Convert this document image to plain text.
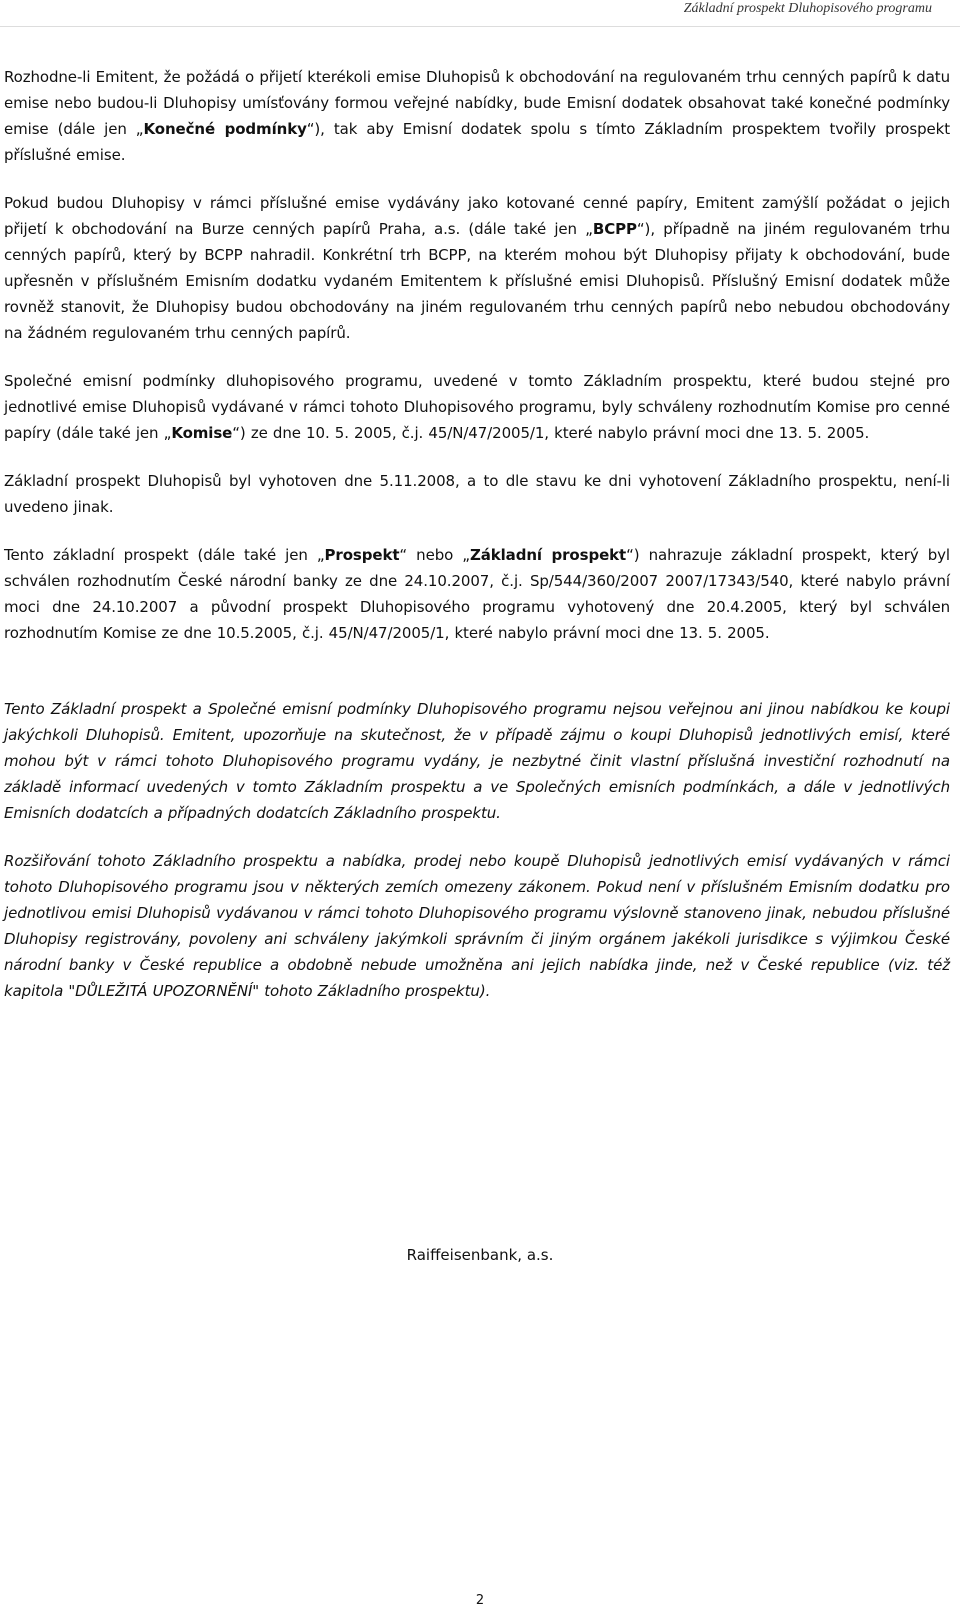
Základní prospekt Dluhopisového programu

Rozhodne-li Emitent, že požádá o přijetí kterékoli emise Dluhopisů k obchodování na regulovaném trhu cenných papírů k datu emise nebo budou-li Dluhopisy umísťovány formou veřejné nabídky, bude Emisní dodatek obsahovat také konečné podmínky emise (dále jen „Konečné podmínky“), tak aby Emisní dodatek spolu s tímto Základním prospektem tvořily prospekt příslušné emise.

Pokud budou Dluhopisy v rámci příslušné emise vydávány jako kotované cenné papíry, Emitent zamýšlí požádat o jejich přijetí k obchodování na Burze cenných papírů Praha, a.s. (dále také jen „BCPP“), případně na jiném regulovaném trhu cenných papírů, který by BCPP nahradil. Konkrétní trh BCPP, na kterém mohou být Dluhopisy přijaty k obchodování, bude upřesněn v příslušném Emisním dodatku vydaném Emitentem k příslušné emisi Dluhopisů. Příslušný Emisní dodatek může rovněž stanovit, že Dluhopisy budou obchodovány na jiném regulovaném trhu cenných papírů nebo nebudou obchodovány na žádném regulovaném trhu cenných papírů.

Společné emisní podmínky dluhopisového programu, uvedené v tomto Základním prospektu, které budou stejné pro jednotlivé emise Dluhopisů vydávané v rámci tohoto Dluhopisového programu, byly schváleny rozhodnutím Komise pro cenné papíry (dále také jen „Komise“) ze dne 10. 5. 2005, č.j. 45/N/47/2005/1, které nabylo právní moci dne 13. 5. 2005.

Základní prospekt Dluhopisů byl vyhotoven dne 5.11.2008, a to dle stavu ke dni vyhotovení Základního prospektu, není-li uvedeno jinak.

Tento základní prospekt (dále také jen „Prospekt“ nebo „Základní prospekt“) nahrazuje základní prospekt, který byl schválen rozhodnutím České národní banky ze dne 24.10.2007, č.j. Sp/544/360/2007 2007/17343/540, které nabylo právní moci dne 24.10.2007 a původní prospekt Dluhopisového programu vyhotovený dne 20.4.2005, který byl schválen rozhodnutím Komise ze dne 10.5.2005, č.j. 45/N/47/2005/1, které nabylo právní moci dne 13. 5. 2005.

Tento Základní prospekt a Společné emisní podmínky Dluhopisového programu nejsou veřejnou ani jinou nabídkou ke koupi jakýchkoli Dluhopisů. Emitent, upozorňuje na skutečnost, že v případě zájmu o koupi Dluhopisů jednotlivých emisí, které mohou být v rámci tohoto Dluhopisového programu vydány, je nezbytné činit vlastní příslušná investiční rozhodnutí na základě informací uvedených v tomto Základním prospektu a ve Společných emisních podmínkách, a dále v jednotlivých Emisních dodatcích a případných dodatcích Základního prospektu.

Rozšiřování tohoto Základního prospektu a nabídka, prodej nebo koupě Dluhopisů jednotlivých emisí vydávaných v rámci tohoto Dluhopisového programu jsou v některých zemích omezeny zákonem. Pokud není v příslušném Emisním dodatku pro jednotlivou emisi Dluhopisů vydávanou v rámci tohoto Dluhopisového programu výslovně stanoveno jinak, nebudou příslušné Dluhopisy registrovány, povoleny ani schváleny jakýmkoli správním či jiným orgánem jakékoli jurisdikce s výjimkou České národní banky v České republice a obdobně nebude umožněna ani jejich nabídka jinde, než v České republice (viz. též kapitola "DŮLEŽITÁ UPOZORNĚNÍ" tohoto Základního prospektu).

Raiffeisenbank, a.s.
2
